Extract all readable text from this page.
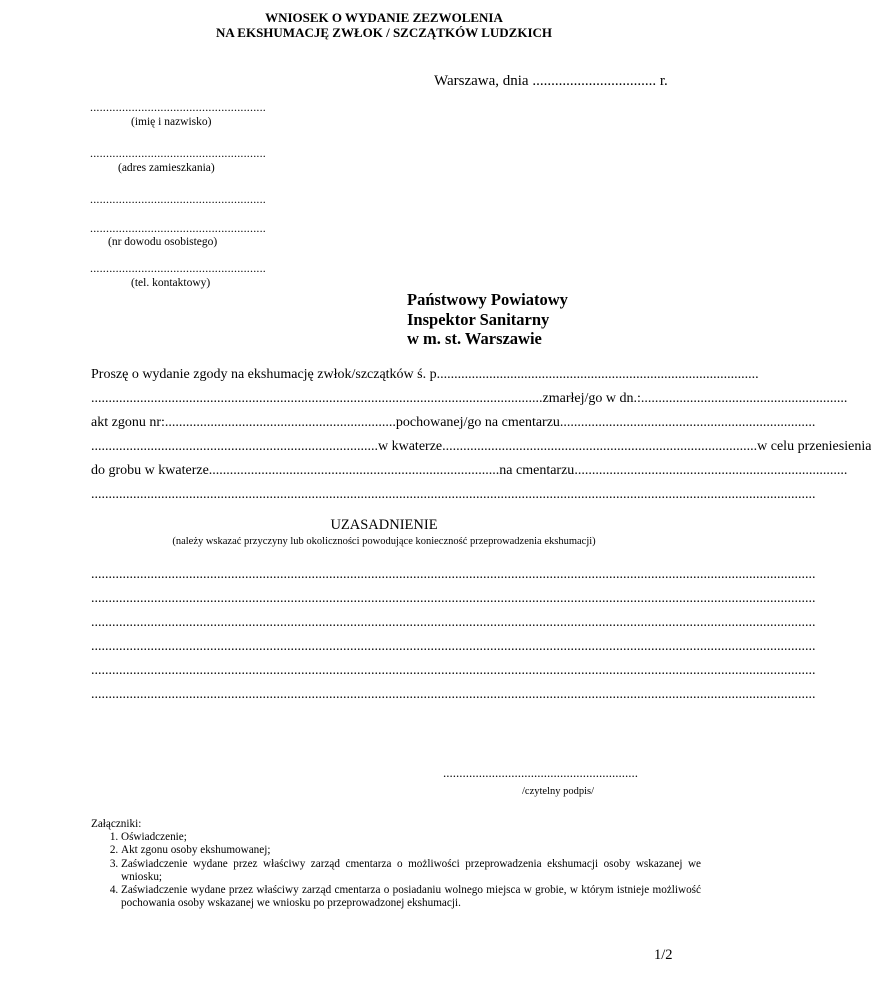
WNIOSEK O WYDANIE ZEZWOLENIA
NA EKSHUMACJĘ ZWŁOK / SZCZĄTKÓW LUDZKICH
Warszawa, dnia ................................. r.
.......................................................
(imię i nazwisko)
.......................................................
(adres zamieszkania)
.......................................................
.......................................................
(nr dowodu osobistego)
.......................................................
(tel. kontaktowy)
Państwowy Powiatowy
Inspektor Sanitarny
w m. st. Warszawie
Proszę o wydanie zgody na ekshumację zwłok/szczątków ś. p. ...........................................................................................
................................................................................................................................. zmarłej/go w dn.: ...........................................................
akt zgonu nr: .................................................................. pochowanej/go na cmentarzu .........................................................................
.................................................................................. w kwaterze .......................................................................................... w celu przeniesienia
do grobu w kwaterze ................................................................................... na cmentarzu ..............................................................................
...............................................................................................................................................................................................................
UZASADNIENIE
(należy wskazać przyczyny lub okoliczności powodujące konieczność przeprowadzenia ekshumacji)
...............................................................................................................................................................................................................
...............................................................................................................................................................................................................
...............................................................................................................................................................................................................
...............................................................................................................................................................................................................
...............................................................................................................................................................................................................
...............................................................................................................................................................................................................
............................................................
/czytelny podpis/
Załączniki:
1. Oświadczenie;
2. Akt zgonu osoby ekshumowanej;
3. Zaświadczenie wydane przez właściwy zarząd cmentarza o możliwości przeprowadzenia ekshumacji osoby wskazanej we wniosku;
4. Zaświadczenie wydane przez właściwy zarząd cmentarza o posiadaniu wolnego miejsca w grobie, w którym istnieje możliwość pochowania osoby wskazanej we wniosku po przeprowadzonej ekshumacji.
1/2
